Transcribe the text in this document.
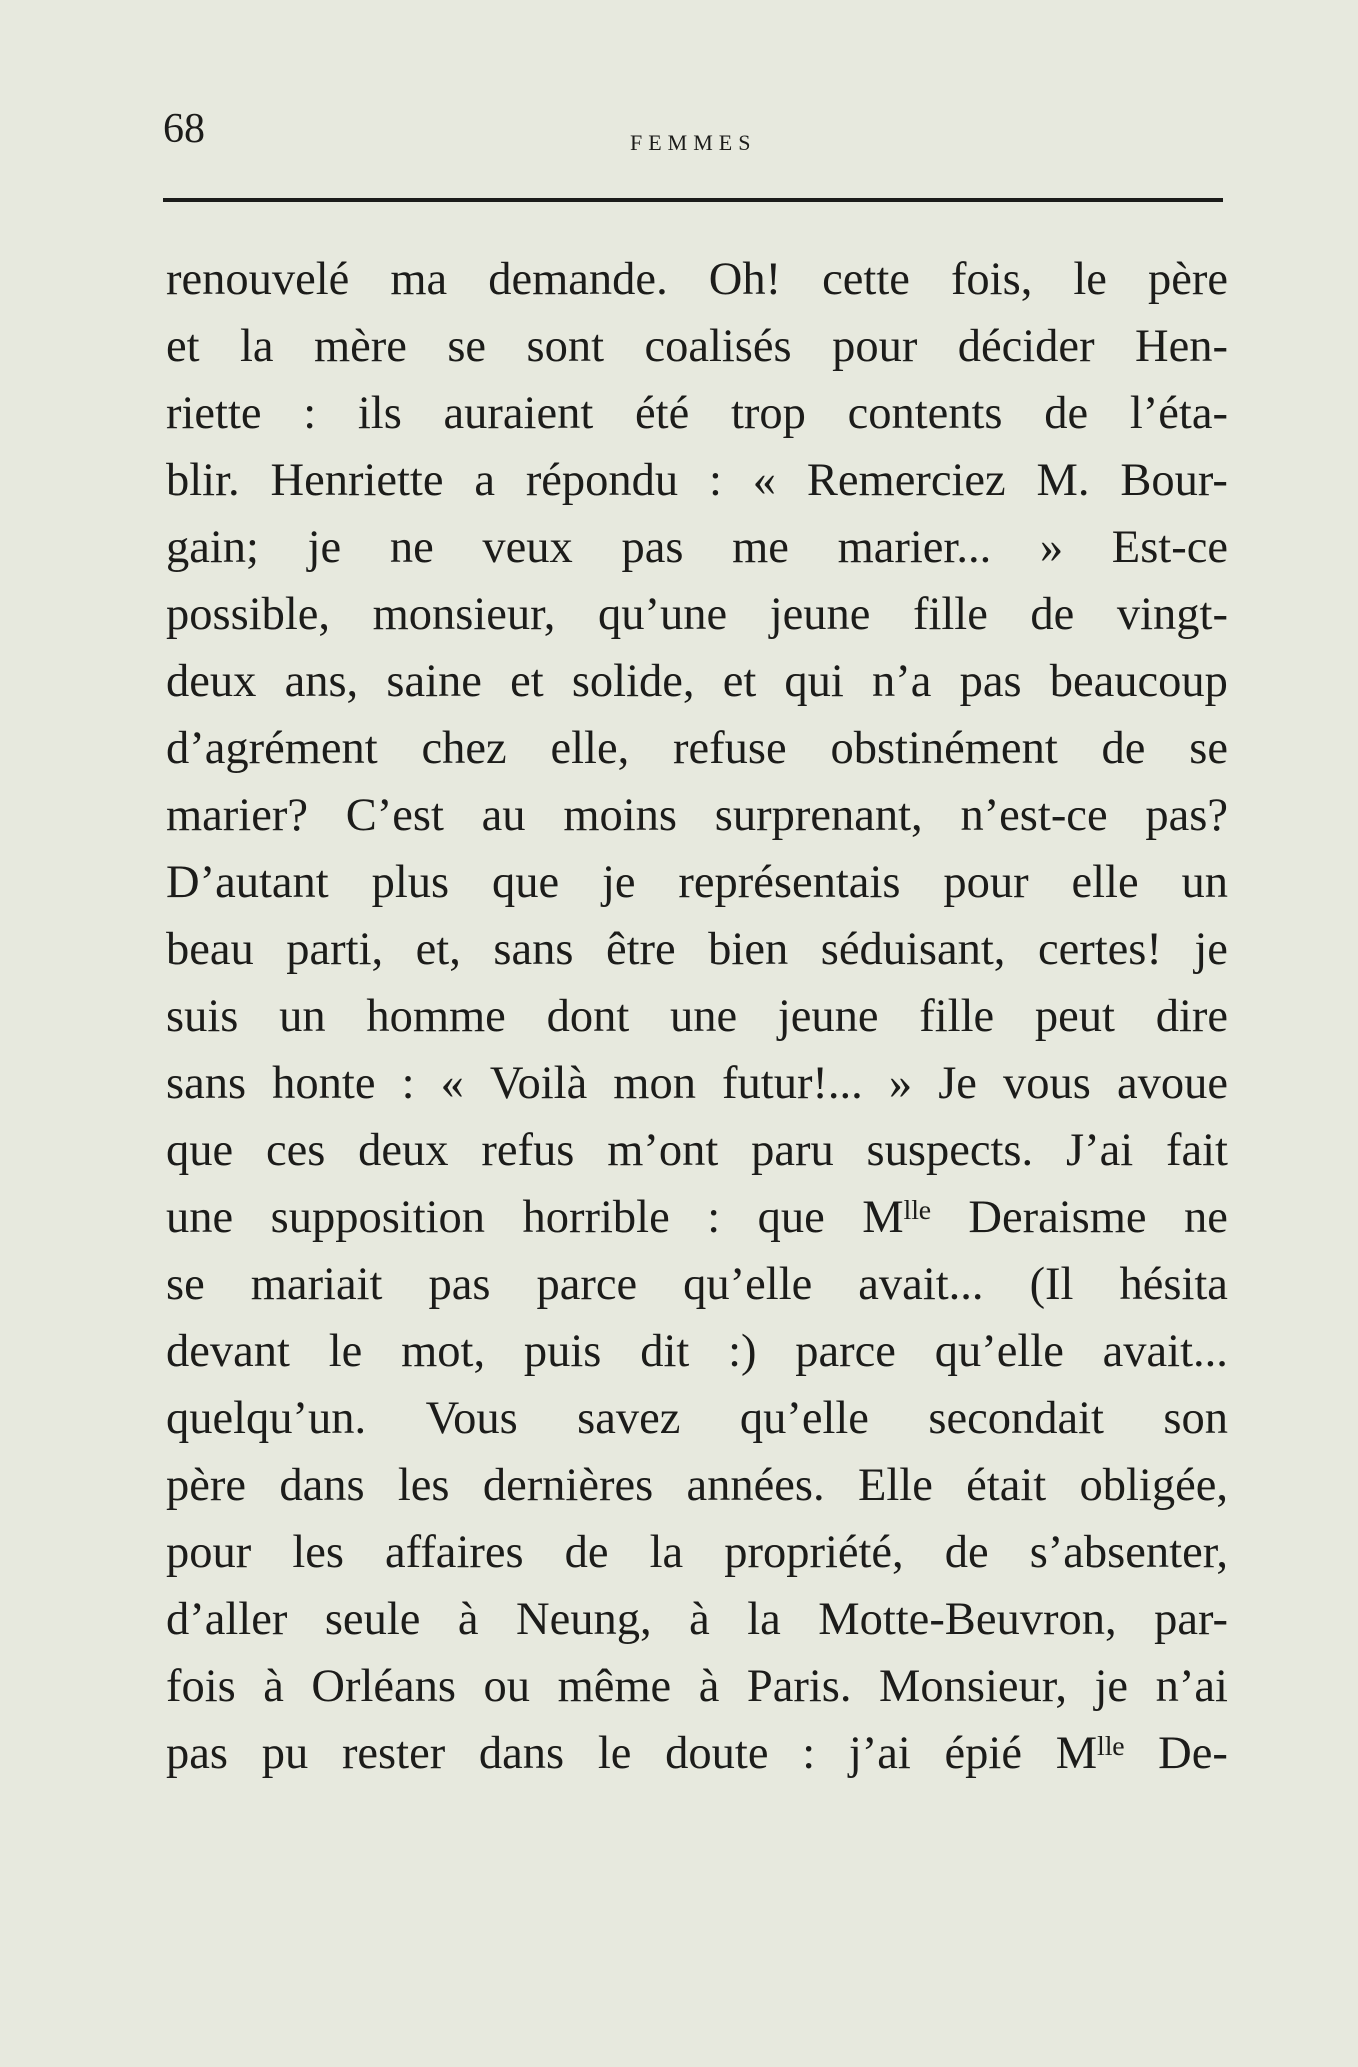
68	FEMMES
renouvelé ma demande. Oh! cette fois, le père
et la mère se sont coalisés pour décider Hen-
riette : ils auraient été trop contents de l’éta-
blir. Henriette a répondu : « Remerciez M. Bour-
gain; je ne veux pas me marier... » Est-ce
possible, monsieur, qu’une jeune fille de vingt-
deux ans, saine et solide, et qui n’a pas beaucoup
d’agrément chez elle, refuse obstinément de se
marier? C’est au moins surprenant, n’est-ce pas?
D’autant plus que je représentais pour elle un
beau parti, et, sans être bien séduisant, certes! je
suis un homme dont une jeune fille peut dire
sans honte : « Voilà mon futur!... » Je vous avoue
que ces deux refus m’ont paru suspects. J’ai fait
une supposition horrible : que Mˡˡᵉ Deraisme ne
se mariait pas parce qu’elle avait... (Il hésita
devant le mot, puis dit :) parce qu’elle avait...
quelqu’un. Vous savez qu’elle secondait son
père dans les dernières années. Elle était obligée,
pour les affaires de la propriété, de s’absenter,
d’aller seule à Neung, à la Motte-Beuvron, par-
fois à Orléans ou même à Paris. Monsieur, je n’ai
pas pu rester dans le doute : j’ai épié Mˡˡᵉ De-
